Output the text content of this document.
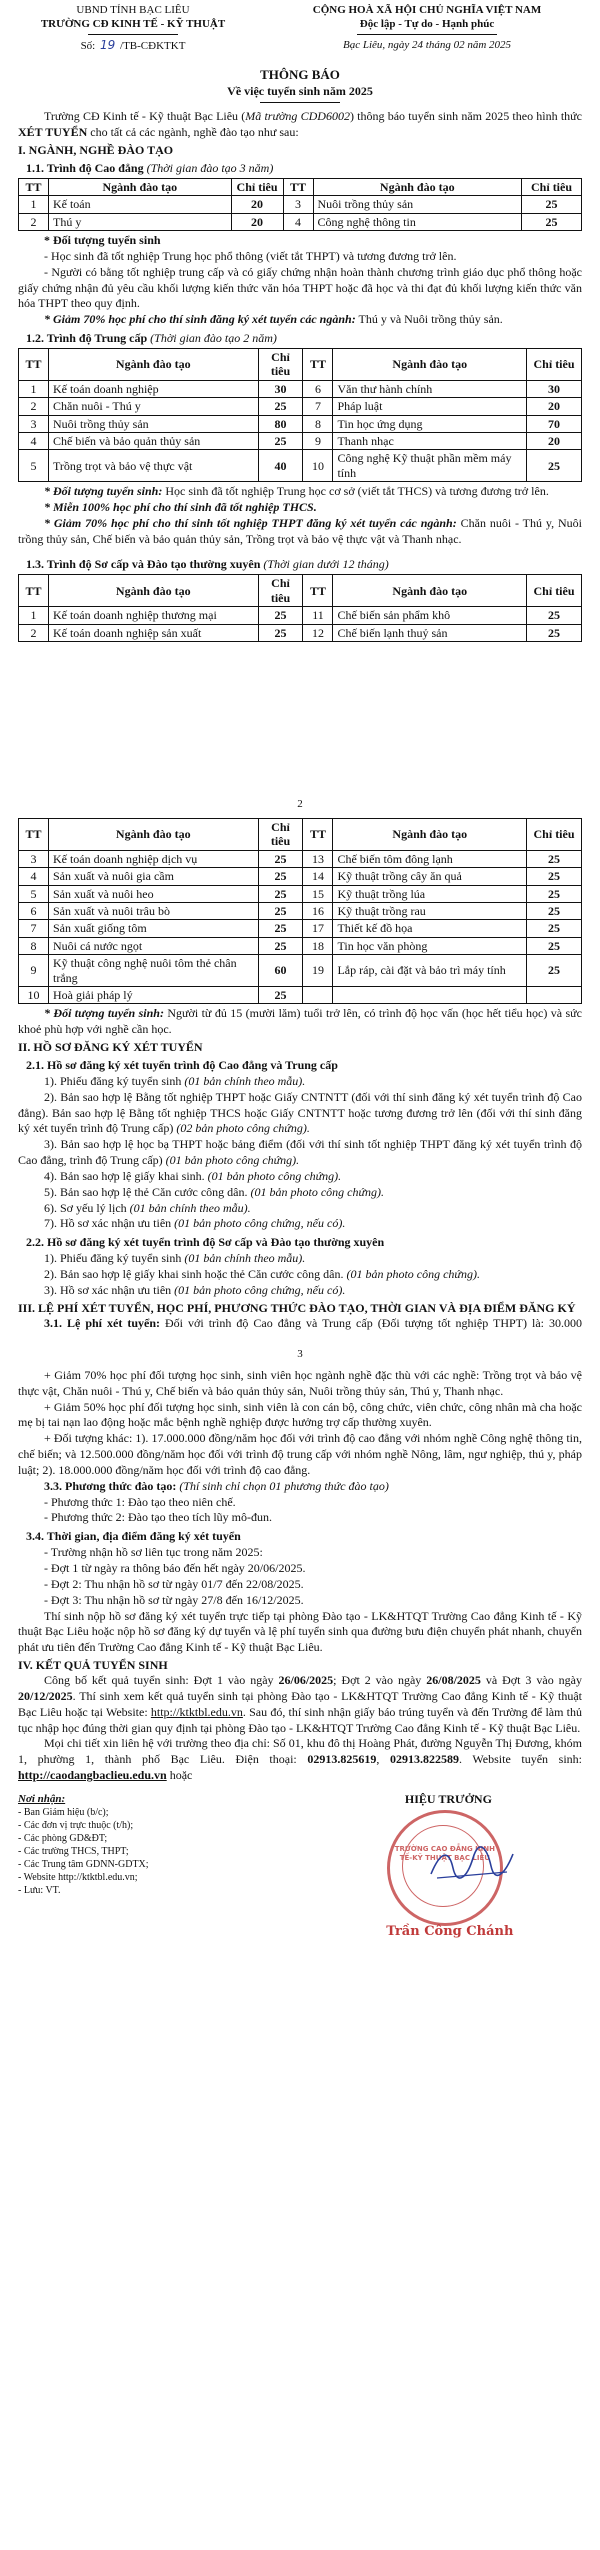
UBND TỈNH BẠC LIÊU
TRƯỜNG CĐ KINH TẾ - KỸ THUẬT
Số: 19 /TB-CĐKTKT
CỘNG HOÀ XÃ HỘI CHỦ NGHĨA VIỆT NAM
Độc lập - Tự do - Hạnh phúc
Bạc Liêu, ngày 24 tháng 02 năm 2025
THÔNG BÁO
Về việc tuyển sinh năm 2025

Trường CĐ Kinh tế - Kỹ thuật Bạc Liêu (Mã trường CDD6002) thông báo tuyển sinh năm 2025 theo hình thức XÉT TUYỂN cho tất cả các ngành, nghề đào tạo như sau:

I. NGÀNH, NGHỀ ĐÀO TẠO
1.1. Trình độ Cao đẳng (Thời gian đào tạo 3 năm)
TT	Ngành đào tạo	Chỉ tiêu	TT	Ngành đào tạo	Chỉ tiêu
1	Kế toán	20	3	Nuôi trồng thủy sản	25
2	Thú y	20	4	Công nghệ thông tin	25

* Đối tượng tuyển sinh

- Học sinh đã tốt nghiệp Trung học phổ thông (viết tắt THPT) và tương đương trở lên.

- Người có bằng tốt nghiệp trung cấp và có giấy chứng nhận hoàn thành chương trình giáo dục phổ thông hoặc giấy chứng nhận đủ yêu cầu khối lượng kiến thức văn hóa THPT hoặc đã học và thi đạt đủ khối lượng kiến thức văn hóa THPT theo quy định.

* Giảm 70% học phí cho thí sinh đăng ký xét tuyển các ngành: Thú y và Nuôi trồng thủy sản.

1.2. Trình độ Trung cấp (Thời gian đào tạo 2 năm)
TT	Ngành đào tạo	Chỉ tiêu	TT	Ngành đào tạo	Chỉ tiêu
1	Kế toán doanh nghiệp	30	6	Văn thư hành chính	30
2	Chăn nuôi - Thú y	25	7	Pháp luật	20
3	Nuôi trồng thủy sản	80	8	Tin học ứng dụng	70
4	Chế biến và bảo quản thủy sản	25	9	Thanh nhạc	20
5	Trồng trọt và bảo vệ thực vật	40	10	Công nghệ Kỹ thuật phần mềm máy tính	25

* Đối tượng tuyển sinh: Học sinh đã tốt nghiệp Trung học cơ sở (viết tắt THCS) và tương đương trở lên.

* Miễn 100% học phí cho thí sinh đã tốt nghiệp THCS.

* Giảm 70% học phí cho thí sinh tốt nghiệp THPT đăng ký xét tuyển các ngành: Chăn nuôi - Thú y, Nuôi trồng thủy sản, Chế biến và bảo quản thủy sản, Trồng trọt và bảo vệ thực vật và Thanh nhạc.

1.3. Trình độ Sơ cấp và Đào tạo thường xuyên (Thời gian dưới 12 tháng)
TT	Ngành đào tạo	Chỉ tiêu	TT	Ngành đào tạo	Chỉ tiêu
1	Kế toán doanh nghiệp thương mại	25	11	Chế biến sản phẩm khô	25
2	Kế toán doanh nghiệp sản xuất	25	12	Chế biến lạnh thuỷ sản	25
2
TT	Ngành đào tạo	Chỉ tiêu	TT	Ngành đào tạo	Chỉ tiêu
3	Kế toán doanh nghiệp dịch vụ	25	13	Chế biến tôm đông lạnh	25
4	Sản xuất và nuôi gia cầm	25	14	Kỹ thuật trồng cây ăn quả	25
5	Sản xuất và nuôi heo	25	15	Kỹ thuật trồng lúa	25
6	Sản xuất và nuôi trâu bò	25	16	Kỹ thuật trồng rau	25
7	Sản xuất giống tôm	25	17	Thiết kế đồ họa	25
8	Nuôi cá nước ngọt	25	18	Tin học văn phòng	25
9	Kỹ thuật công nghệ nuôi tôm thẻ chân trắng	60	19	Lắp ráp, cài đặt và bảo trì máy tính	25
10	Hoà giải pháp lý	25			

* Đối tượng tuyển sinh: Người từ đủ 15 (mười lăm) tuổi trở lên, có trình độ học vấn (học hết tiểu học) và sức khoẻ phù hợp với nghề cần học.

II. HỒ SƠ ĐĂNG KÝ XÉT TUYỂN
2.1. Hồ sơ đăng ký xét tuyển trình độ Cao đẳng và Trung cấp

1). Phiếu đăng ký tuyển sinh (01 bản chính theo mẫu).

2). Bản sao hợp lệ Bằng tốt nghiệp THPT hoặc Giấy CNTNTT (đối với thí sinh đăng ký xét tuyển trình độ Cao đẳng). Bản sao hợp lệ Bằng tốt nghiệp THCS hoặc Giấy CNTNTT hoặc tương đương trở lên (đối với thí sinh đăng ký xét tuyển trình độ Trung cấp) (02 bản photo công chứng).

3). Bản sao hợp lệ học bạ THPT hoặc bảng điểm (đối với thí sinh tốt nghiệp THPT đăng ký xét tuyển trình độ Cao đẳng, trình độ Trung cấp) (01 bản photo công chứng).

4). Bản sao hợp lệ giấy khai sinh. (01 bản photo công chứng).

5). Bản sao hợp lệ thẻ Căn cước công dân. (01 bản photo công chứng).

6). Sơ yếu lý lịch (01 bản chính theo mẫu).

7). Hồ sơ xác nhận ưu tiên (01 bản photo công chứng, nếu có).

2.2. Hồ sơ đăng ký xét tuyển trình độ Sơ cấp và Đào tạo thường xuyên

1). Phiếu đăng ký tuyển sinh (01 bản chính theo mẫu).

2). Bản sao hợp lệ giấy khai sinh hoặc thẻ Căn cước công dân. (01 bản photo công chứng).

3). Hồ sơ xác nhận ưu tiên (01 bản photo công chứng, nếu có).

III. LỆ PHÍ XÉT TUYỂN, HỌC PHÍ, PHƯƠNG THỨC ĐÀO TẠO, THỜI GIAN VÀ ĐỊA ĐIỂM ĐĂNG KÝ

3.1. Lệ phí xét tuyển: Đối với trình độ Cao đẳng và Trung cấp (Đối tượng tốt nghiệp THPT) là: 30.000

3

+ Giảm 70% học phí đối tượng học sinh, sinh viên học ngành nghề đặc thù với các nghề: Trồng trọt và bảo vệ thực vật, Chăn nuôi - Thú y, Chế biến và bảo quản thủy sản, Nuôi trồng thủy sản, Thú y, Thanh nhạc.

+ Giảm 50% học phí đối tượng học sinh, sinh viên là con cán bộ, công chức, viên chức, công nhân mà cha hoặc mẹ bị tai nạn lao động hoặc mắc bệnh nghề nghiệp được hưởng trợ cấp thường xuyên.

+ Đối tượng khác: 1). 17.000.000 đồng/năm học đối với trình độ cao đẳng với nhóm nghề Công nghệ thông tin, chế biến; và 12.500.000 đồng/năm học đối với trình độ trung cấp với nhóm nghề Nông, lâm, ngư nghiệp, thú y, pháp luật; 2). 18.000.000 đồng/năm học đối với trình độ cao đẳng.

3.3. Phương thức đào tạo: (Thí sinh chỉ chọn 01 phương thức đào tạo)

- Phương thức 1: Đào tạo theo niên chế.

- Phương thức 2: Đào tạo theo tích lũy mô-đun.

3.4. Thời gian, địa điểm đăng ký xét tuyển

- Trường nhận hồ sơ liên tục trong năm 2025:

- Đợt 1 từ ngày ra thông báo đến hết ngày 20/06/2025.

- Đợt 2: Thu nhận hồ sơ từ ngày 01/7 đến 22/08/2025.

- Đợt 3: Thu nhận hồ sơ từ ngày 27/8 đến 16/12/2025.

Thí sinh nộp hồ sơ đăng ký xét tuyển trực tiếp tại phòng Đào tạo - LK&HTQT Trường Cao đẳng Kinh tế - Kỹ thuật Bạc Liêu hoặc nộp hồ sơ đăng ký dự tuyển và lệ phí tuyển sinh qua đường bưu điện chuyển phát nhanh, chuyển phát ưu tiên đến Trường Cao đẳng Kinh tế - Kỹ thuật Bạc Liêu.

IV. KẾT QUẢ TUYỂN SINH

Công bố kết quả tuyển sinh: Đợt 1 vào ngày 26/06/2025; Đợt 2 vào ngày 26/08/2025 và Đợt 3 vào ngày 20/12/2025. Thí sinh xem kết quả tuyển sinh tại phòng Đào tạo - LK&HTQT Trường Cao đẳng Kinh tế - Kỹ thuật Bạc Liêu hoặc tại Website: http://ktktbl.edu.vn. Sau đó, thí sinh nhận giấy báo trúng tuyển và đến Trường để làm thủ tục nhập học đúng thời gian quy định tại phòng Đào tạo - LK&HTQT Trường Cao đẳng Kinh tế - Kỹ thuật Bạc Liêu.

Mọi chi tiết xin liên hệ với trường theo địa chỉ: Số 01, khu đô thị Hoàng Phát, đường Nguyễn Thị Đương, khóm 1, phường 1, thành phố Bạc Liêu. Điện thoại: 02913.825619, 02913.822589. Website tuyển sinh: http://caodangbaclieu.edu.vn hoặc

Nơi nhận:
- Ban Giám hiệu (b/c);
- Các đơn vị trực thuộc (t/h);
- Các phòng GD&ĐT;
- Các trường THCS, THPT;
- Các Trung tâm GDNN-GDTX;
- Website http://ktktbl.edu.vn;
- Lưu: VT.
HIỆU TRƯỞNG
TRƯỜNG CAO ĐẲNG KINH TẾ-KỸ THUẬT BẠC LIÊU
Trần Công Chánh
